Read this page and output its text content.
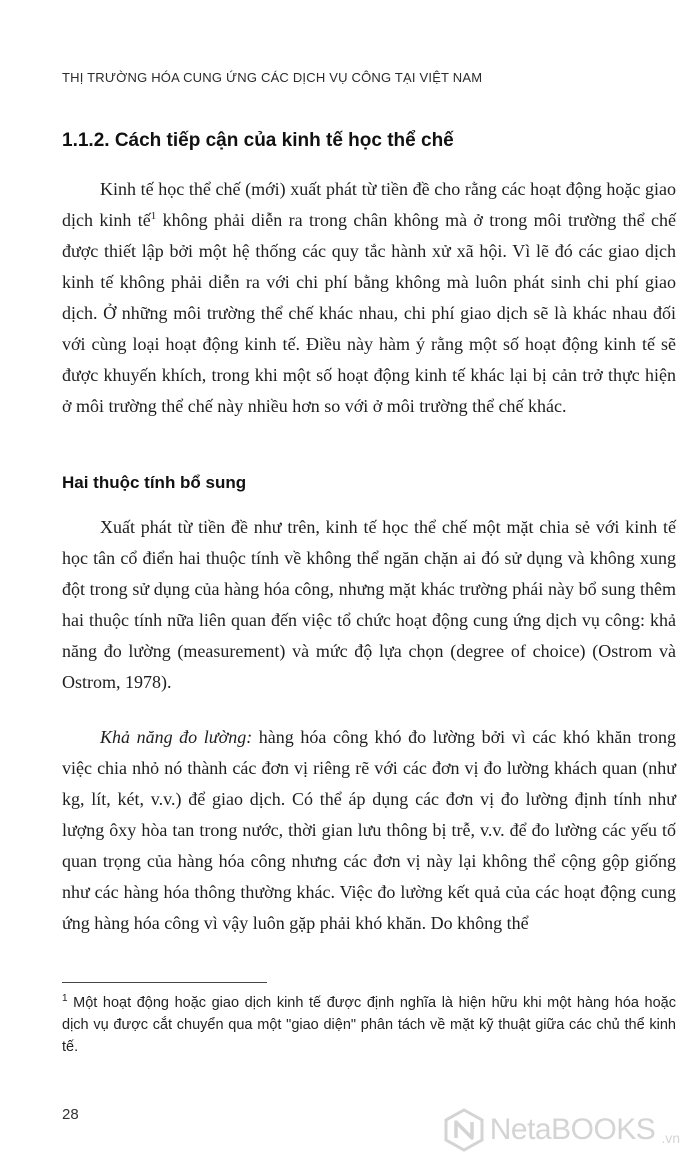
THỊ TRƯỜNG HÓA CUNG ỨNG CÁC DỊCH VỤ CÔNG TẠI VIỆT NAM
1.1.2. Cách tiếp cận của kinh tế học thể chế

Kinh tế học thể chế (mới) xuất phát từ tiền đề cho rằng các hoạt động hoặc giao dịch kinh tế$^1$ không phải diễn ra trong chân không mà ở trong môi trường thể chế được thiết lập bởi một hệ thống các quy tắc hành xử xã hội. Vì lẽ đó các giao dịch kinh tế không phải diễn ra với chi phí bằng không mà luôn phát sinh chi phí giao dịch. Ở những môi trường thể chế khác nhau, chi phí giao dịch sẽ là khác nhau đối với cùng loại hoạt động kinh tế. Điều này hàm ý rằng một số hoạt động kinh tế sẽ được khuyến khích, trong khi một số hoạt động kinh tế khác lại bị cản trở thực hiện ở môi trường thể chế này nhiều hơn so với ở môi trường thể chế khác.

Hai thuộc tính bổ sung

Xuất phát từ tiền đề như trên, kinh tế học thể chế một mặt chia sẻ với kinh tế học tân cổ điển hai thuộc tính về không thể ngăn chặn ai đó sử dụng và không xung đột trong sử dụng của hàng hóa công, nhưng mặt khác trường phái này bổ sung thêm hai thuộc tính nữa liên quan đến việc tổ chức hoạt động cung ứng dịch vụ công: khả năng đo lường (measurement) và mức độ lựa chọn (degree of choice) (Ostrom và Ostrom, 1978).

Khả năng đo lường: hàng hóa công khó đo lường bởi vì các khó khăn trong việc chia nhỏ nó thành các đơn vị riêng rẽ với các đơn vị đo lường khách quan (như kg, lít, két, v.v.) để giao dịch. Có thể áp dụng các đơn vị đo lường định tính như lượng ôxy hòa tan trong nước, thời gian lưu thông bị trễ, v.v. để đo lường các yếu tố quan trọng của hàng hóa công nhưng các đơn vị này lại không thể cộng gộp giống như các hàng hóa thông thường khác. Việc đo lường kết quả của các hoạt động cung ứng hàng hóa công vì vậy luôn gặp phải khó khăn. Do không thể

$^1$ Một hoạt động hoặc giao dịch kinh tế được định nghĩa là hiện hữu khi một hàng hóa hoặc dịch vụ được cắt chuyển qua một "giao diện" phân tách về mặt kỹ thuật giữa các chủ thể kinh tế.

28	NetaBOOKS .vn
